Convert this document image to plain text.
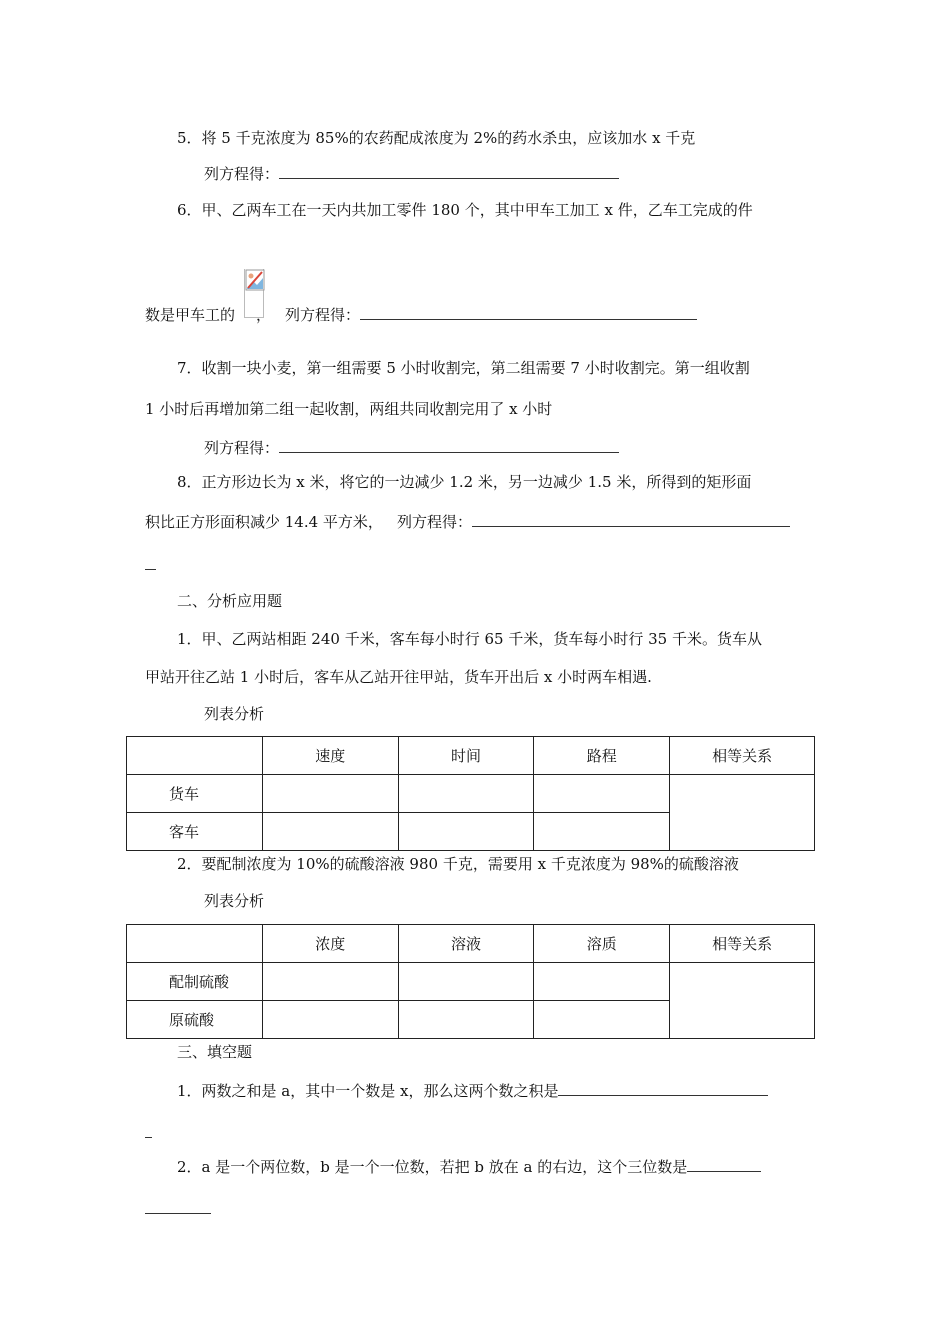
5．将 5 千克浓度为 85%的农药配成浓度为 2%的药水杀虫，应该加水 x 千克
列方程得：
6．甲、乙两车工在一天内共加工零件 180 个，其中甲车工加工 x 件，乙车工完成的件
数是甲车工的 ， 列方程得：
7．收割一块小麦，第一组需要 5 小时收割完，第二组需要 7 小时收割完。第一组收割
1 小时后再增加第二组一起收割，两组共同收割完用了 x 小时
列方程得：
8．正方形边长为 x 米，将它的一边减少 1.2 米，另一边减少 1.5 米，所得到的矩形面
积比正方形面积减少 14.4 平方米， 列方程得：
二、分析应用题
1．甲、乙两站相距 240 千米，客车每小时行 65 千米，货车每小时行 35 千米。货车从
甲站开往乙站 1 小时后，客车从乙站开往甲站，货车开出后 x 小时两车相遇.
列表分析
	速度	时间	路程	相等关系
货车				
客车				
2．要配制浓度为 10%的硫酸溶液 980 千克，需要用 x 千克浓度为 98%的硫酸溶液
列表分析
	浓度	溶液	溶质	相等关系
配制硫酸				
原硫酸				
三、填空题
1．两数之和是 a，其中一个数是 x，那么这两个数之积是
2．a 是一个两位数，b 是一个一位数，若把 b 放在 a 的右边，这个三位数是
